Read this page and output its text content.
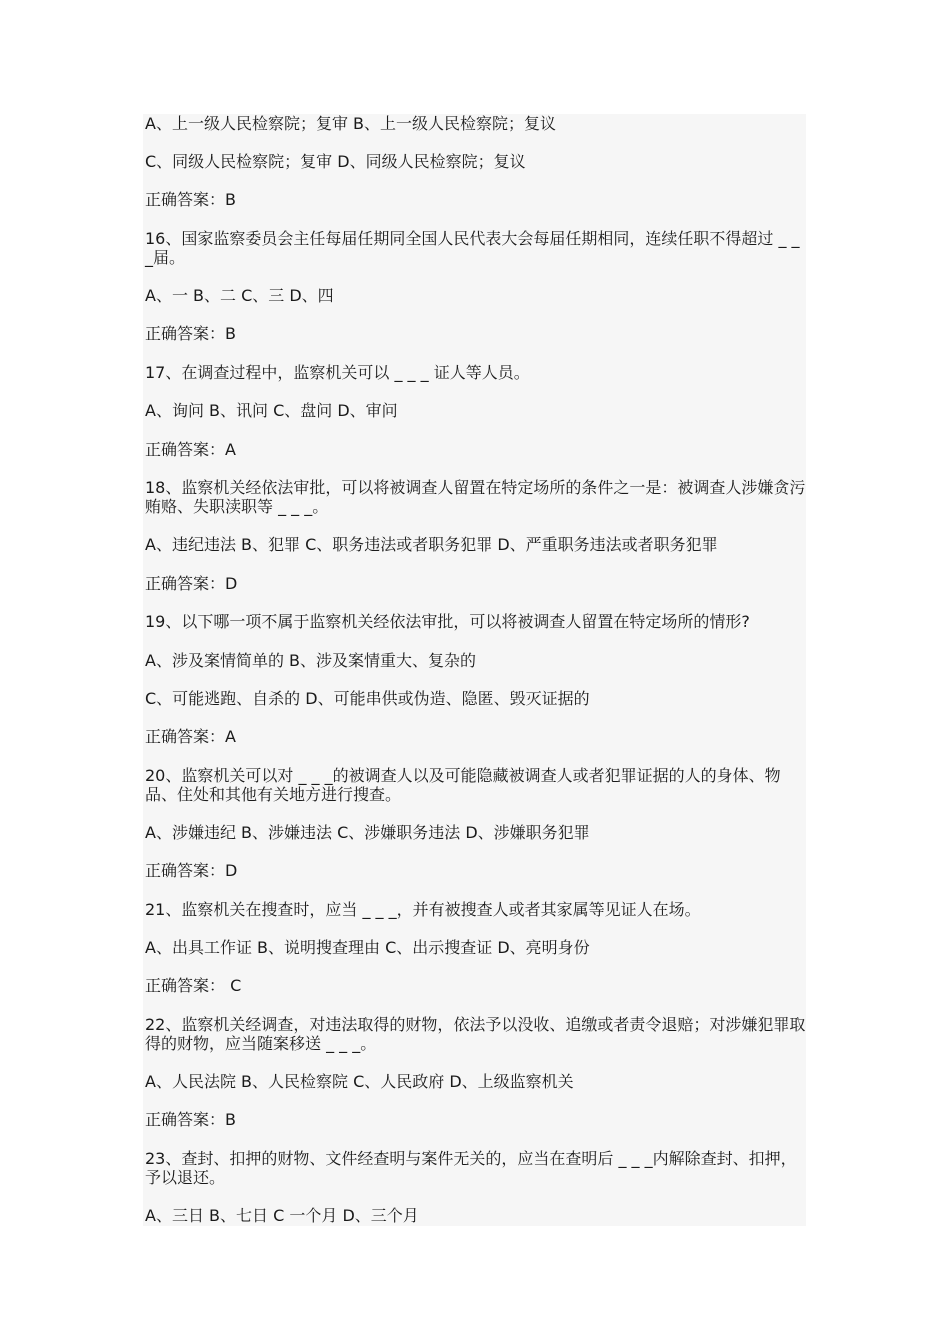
A、上一级人民检察院；复审 B、上一级人民检察院；复议
C、同级人民检察院；复审 D、同级人民检察院；复议
正确答案：B
16、国家监察委员会主任每届任期同全国人民代表大会每届任期相同，连续任职不得超过 _ _ _届。
A、一 B、二 C、三 D、四
正确答案：B
17、在调查过程中，监察机关可以 _ _ _ 证人等人员。
A、询问 B、讯问 C、盘问 D、审问
正确答案：A
18、监察机关经依法审批，可以将被调查人留置在特定场所的条件之一是：被调查人涉嫌贪污贿赂、失职渎职等 _ _ _。
A、违纪违法 B、犯罪 C、职务违法或者职务犯罪 D、严重职务违法或者职务犯罪
正确答案：D
19、以下哪一项不属于监察机关经依法审批，可以将被调查人留置在特定场所的情形?
A、涉及案情简单的 B、涉及案情重大、复杂的
C、可能逃跑、自杀的 D、可能串供或伪造、隐匿、毁灭证据的
正确答案：A
20、监察机关可以对 _ _ _的被调查人以及可能隐藏被调查人或者犯罪证据的人的身体、物品、住处和其他有关地方进行搜查。
A、涉嫌违纪 B、涉嫌违法 C、涉嫌职务违法 D、涉嫌职务犯罪
正确答案：D
21、监察机关在搜查时，应当 _ _ _，并有被搜查人或者其家属等见证人在场。
A、出具工作证 B、说明搜查理由 C、出示搜查证 D、亮明身份
正确答案： C
22、监察机关经调查，对违法取得的财物，依法予以没收、追缴或者责令退赔；对涉嫌犯罪取得的财物，应当随案移送 _ _ _。
A、人民法院 B、人民检察院 C、人民政府 D、上级监察机关
正确答案：B
23、查封、扣押的财物、文件经查明与案件无关的，应当在查明后 _ _ _内解除查封、扣押，予以退还。
A、三日 B、七日 C 一个月 D、三个月
